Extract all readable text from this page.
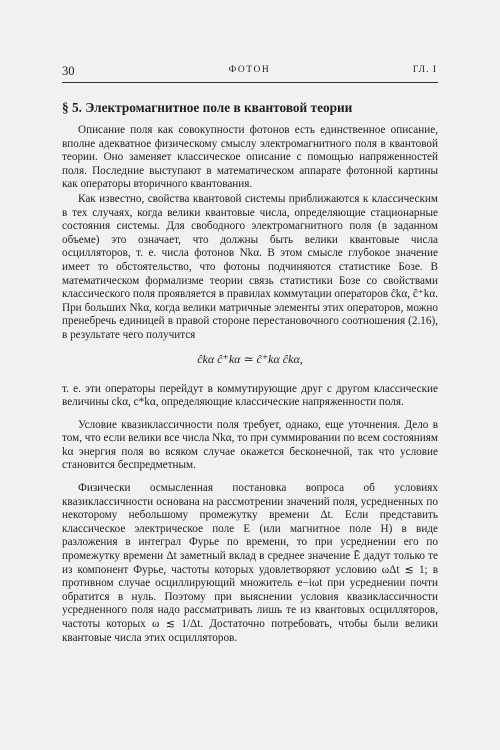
30	ФОТОН	ГЛ. I
§ 5. Электромагнитное поле в квантовой теории

Описание поля как совокупности фотонов есть единственное описание, вполне адекватное физическому смыслу электромагнитного поля в квантовой теории. Оно заменяет классическое описание с помощью напряженностей поля. Последние выступают в математическом аппарате фотонной картины как операторы вторичного квантования.

Как известно, свойства квантовой системы приближаются к классическим в тех случаях, когда велики квантовые числа, определяющие стационарные состояния системы. Для свободного электромагнитного поля (в заданном объеме) это означает, что должны быть велики квантовые числа осцилляторов, т. е. числа фотонов Nkα. В этом смысле глубокое значение имеет то обстоятельство, что фотоны подчиняются статистике Бозе. В математическом формализме теории связь статистики Бозе со свойствами классического поля проявляется в правилах коммутации операторов ĉkα, ĉ⁺kα. При больших Nkα, когда велики матричные элементы этих операторов, можно пренебречь единицей в правой стороне перестановочного соотношения (2.16), в результате чего получится

ĉkα ĉ⁺kα ≃ ĉ⁺kα ĉkα,

т. е. эти операторы перейдут в коммутирующие друг с другом классические величины ckα, c*kα, определяющие классические напряженности поля.

Условие квазиклассичности поля требует, однако, еще уточнения. Дело в том, что если велики все числа Nkα, то при суммировании по всем состояниям kα энергия поля во всяком случае окажется бесконечной, так что условие становится беспредметным.

Физически осмысленная постановка вопроса об условиях квазиклассичности основана на рассмотрении значений поля, усредненных по некоторому небольшому промежутку времени Δt. Если представить классическое электрическое поле E (или магнитное поле H) в виде разложения в интеграл Фурье по времени, то при усреднении его по промежутку времени Δt заметный вклад в среднее значение Ē дадут только те из компонент Фурье, частоты которых удовлетворяют условию ωΔt ≲ 1; в противном случае осциллирующий множитель e−iωt при усреднении почти обратится в нуль. Поэтому при выяснении условия квазиклассичности усредненного поля надо рассматривать лишь те из квантовых осцилляторов, частоты которых ω ≲ 1/Δt. Достаточно потребовать, чтобы были велики квантовые числа этих осцилляторов.
